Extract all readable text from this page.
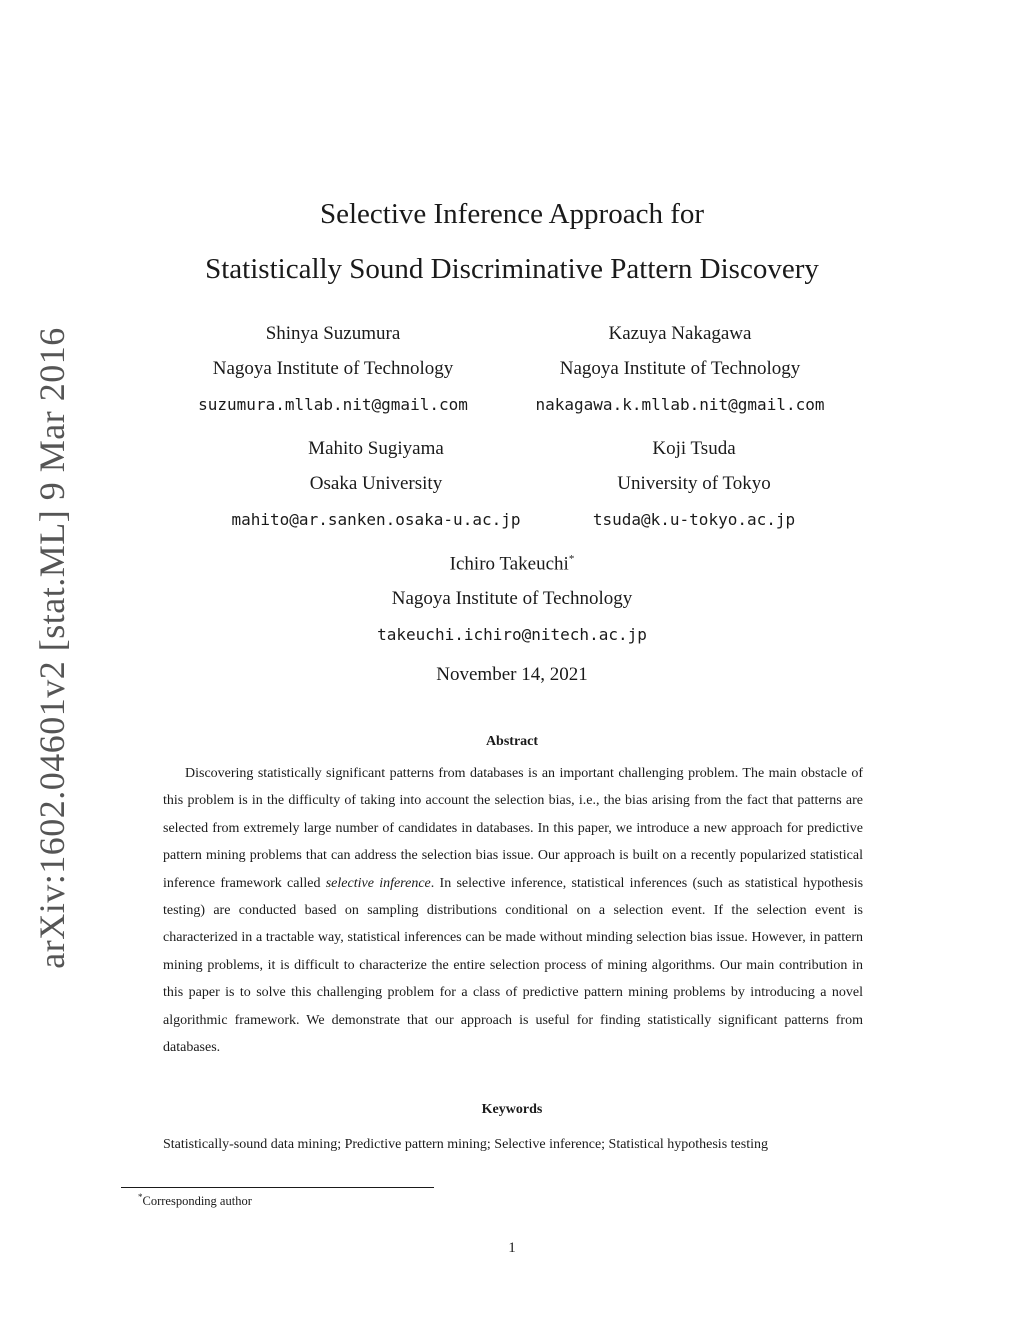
arXiv:1602.04601v2 [stat.ML] 9 Mar 2016
Selective Inference Approach for
Statistically Sound Discriminative Pattern Discovery
Shinya Suzumura
Nagoya Institute of Technology
suzumura.mllab.nit@gmail.com
Kazuya Nakagawa
Nagoya Institute of Technology
nakagawa.k.mllab.nit@gmail.com
Mahito Sugiyama
Osaka University
mahito@ar.sanken.osaka-u.ac.jp
Koji Tsuda
University of Tokyo
tsuda@k.u-tokyo.ac.jp
Ichiro Takeuchi*
Nagoya Institute of Technology
takeuchi.ichiro@nitech.ac.jp
November 14, 2021
Abstract

Discovering statistically significant patterns from databases is an important challenging problem. The main obstacle of this problem is in the difficulty of taking into account the selection bias, i.e., the bias arising from the fact that patterns are selected from extremely large number of candidates in databases. In this paper, we introduce a new approach for predictive pattern mining problems that can address the selection bias issue. Our approach is built on a recently popularized statistical inference framework called selective inference. In selective inference, statistical inferences (such as statistical hypothesis testing) are conducted based on sampling distributions conditional on a selection event. If the selection event is characterized in a tractable way, statistical inferences can be made without minding selection bias issue. However, in pattern mining problems, it is difficult to characterize the entire selection process of mining algorithms. Our main contribution in this paper is to solve this challenging problem for a class of predictive pattern mining problems by introducing a novel algorithmic framework. We demonstrate that our approach is useful for finding statistically significant patterns from databases.

Keywords

Statistically-sound data mining; Predictive pattern mining; Selective inference; Statistical hypothesis testing

*Corresponding author
1
